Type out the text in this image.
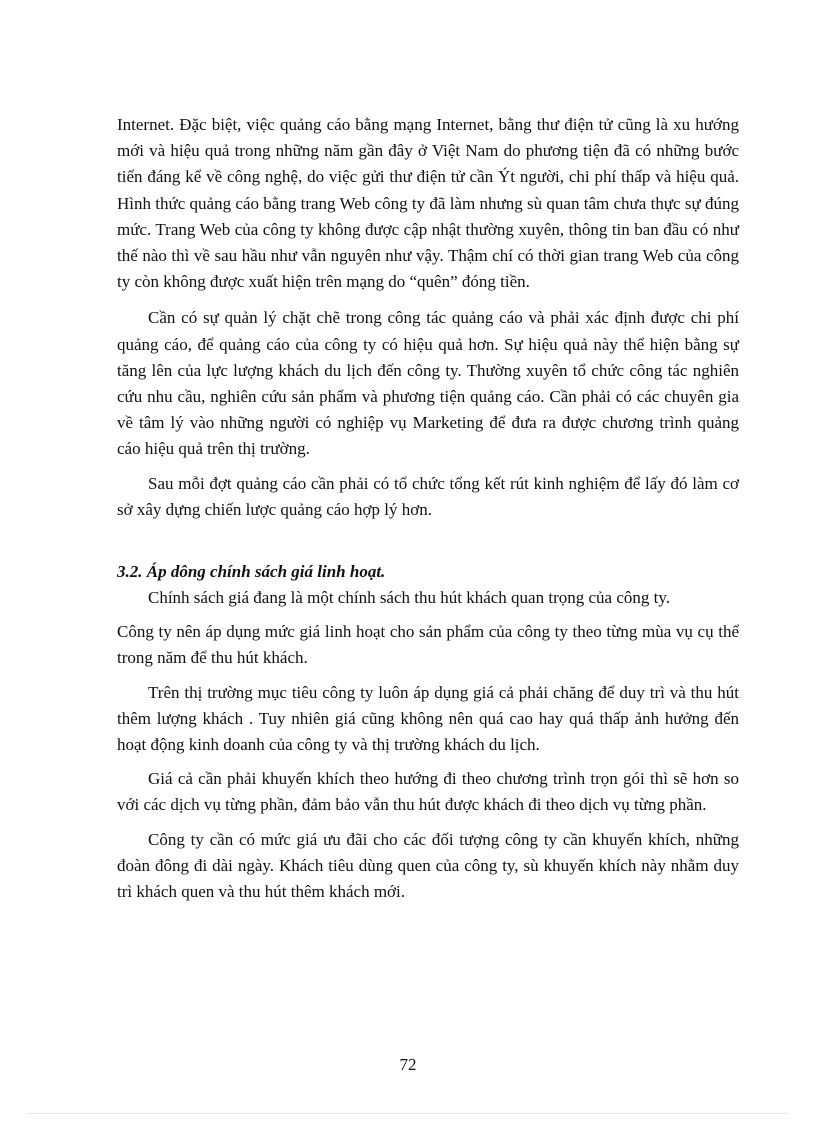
Internet. Đặc biệt, việc quảng cáo bằng mạng Internet, bằng thư điện tử cũng là xu hướng mới và hiệu quả trong những năm gần đây ở Việt Nam do phương tiện đã có những bước tiến đáng kể về công nghệ, do việc gửi thư điện tử cần Ýt người, chi phí thấp và hiệu quả. Hình thức quảng cáo bằng trang Web công ty đã làm nhưng sù quan tâm chưa thực sự đúng mức. Trang Web của công ty không được cập nhật thường xuyên, thông tin ban đầu có như thế nào thì về sau hầu như vẫn nguyên như vậy. Thậm chí có thời gian trang Web của công ty còn không được xuất hiện trên mạng do “quên” đóng tiền.

Cần có sự quản lý chặt chẽ trong công tác quảng cáo và phải xác định được chi phí quảng cáo, để quảng cáo của công ty có hiệu quả hơn. Sự hiệu quả này thể hiện bằng sự tăng lên của lực lượng khách du lịch đến công ty. Thường xuyên tổ chức công tác nghiên cứu nhu cầu, nghiên cứu sản phẩm và phương tiện quảng cáo. Cần phải có các chuyên gia về tâm lý vào những người có nghiệp vụ Marketing để đưa ra được chương trình quảng cáo hiệu quả trên thị trường.

Sau mỗi đợt quảng cáo cần phải có tổ chức tổng kết rút kinh nghiệm để lấy đó làm cơ sở xây dựng chiến lược quảng cáo hợp lý hơn.

3.2. Áp dông chính sách giá linh hoạt.

Chính sách giá đang là một chính sách thu hút khách quan trọng của công ty.

Công ty nên áp dụng mức giá linh hoạt cho sản phẩm của công ty theo từng mùa vụ cụ thể trong năm để thu hút khách.

Trên thị trường mục tiêu công ty luôn áp dụng giá cả phải chăng để duy trì và thu hút thêm lượng khách . Tuy nhiên giá cũng không nên quá cao hay quá thấp ảnh hưởng đến hoạt động kinh doanh của công ty và thị trường khách du lịch.

Giá cả cần phải khuyến khích theo hướng đi theo chương trình trọn gói thì sẽ hơn so với các dịch vụ từng phần, đảm bảo vẫn thu hút được khách đi theo dịch vụ từng phần.

Công ty cần có mức giá ưu đãi cho các đối tượng công ty cần khuyến khích, những đoàn đông đi dài ngày. Khách tiêu dùng quen của công ty, sù khuyến khích này nhằm duy trì khách quen và thu hút thêm khách mới.

72
